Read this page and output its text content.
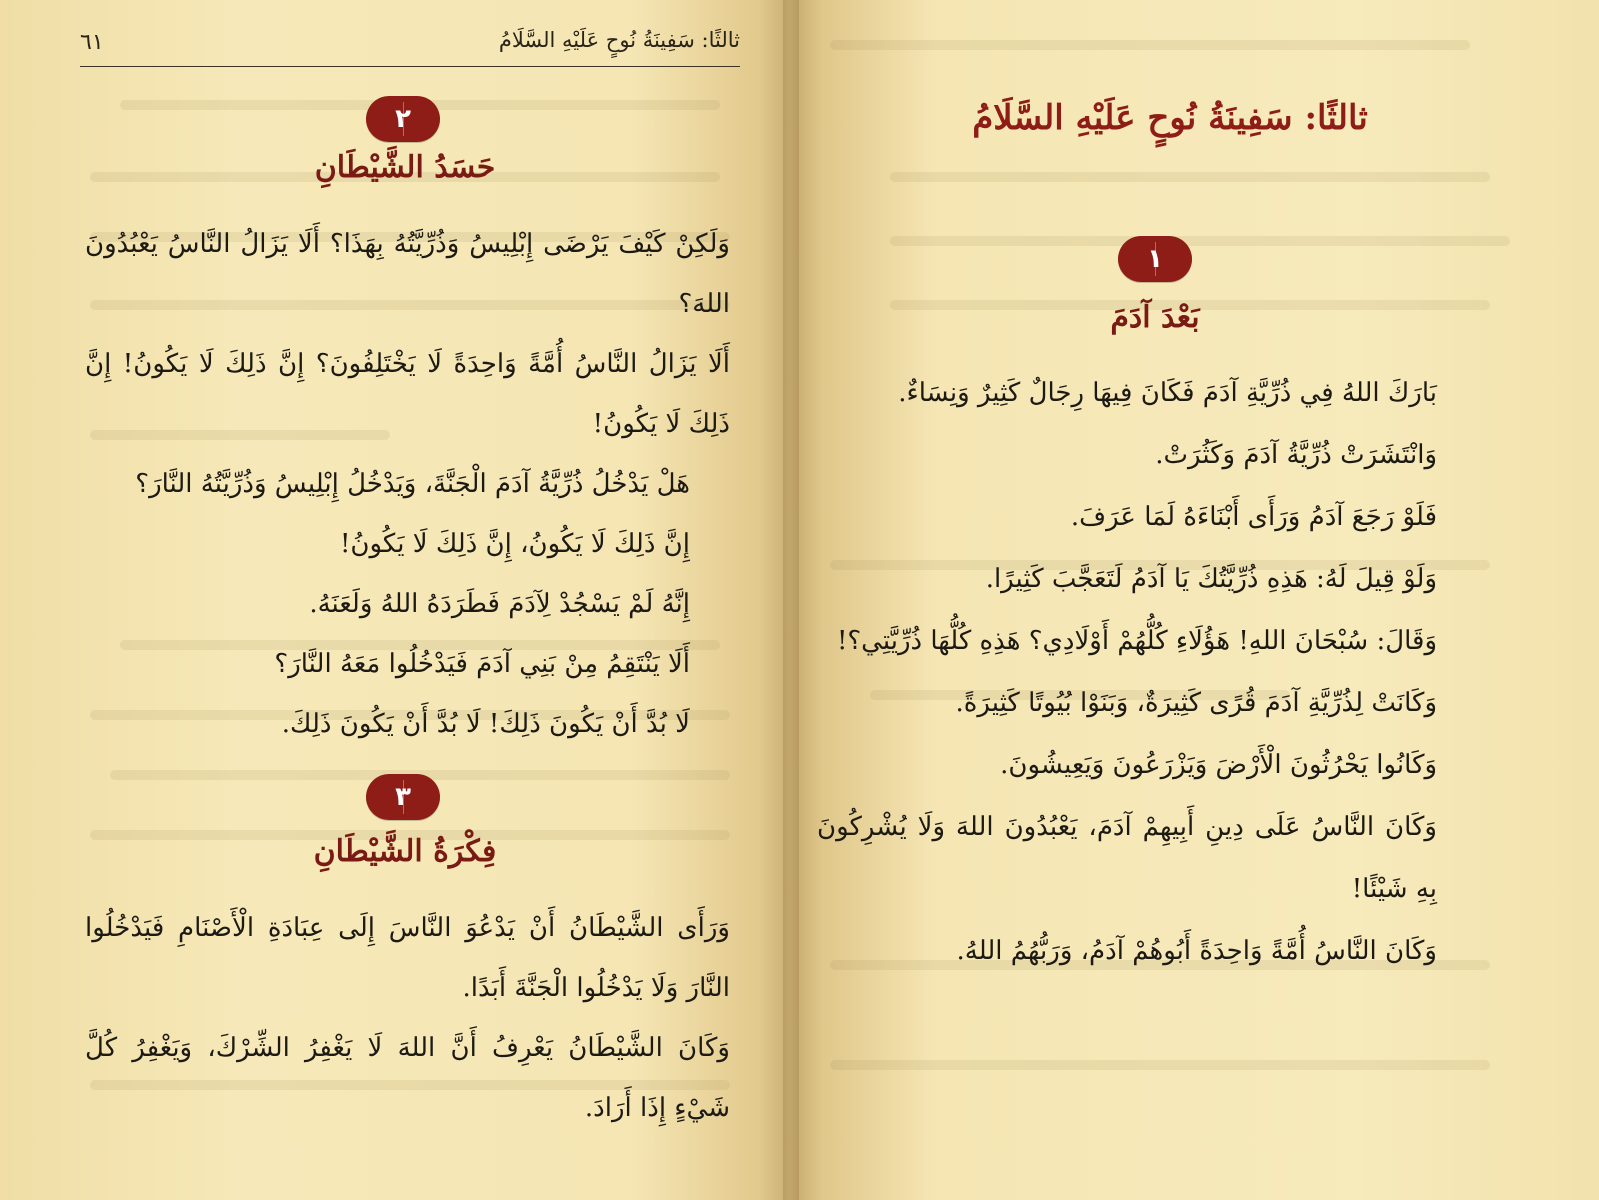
ثالثًا: سَفِينَةُ نُوحٍ عَلَيْهِ السَّلَامُ
٦١
٢
حَسَدُ الشَّيْطَانِ

وَلَكِنْ كَيْفَ يَرْضَى إِبْلِيسُ وَذُرِّيَّتُهُ بِهَذَا؟ أَلَا يَزَالُ النَّاسُ يَعْبُدُونَ اللهَ؟

أَلَا يَزَالُ النَّاسُ أُمَّةً وَاحِدَةً لَا يَخْتَلِفُونَ؟ إِنَّ ذَلِكَ لَا يَكُونُ! إِنَّ ذَلِكَ لَا يَكُونُ!

هَلْ يَدْخُلُ ذُرِّيَّةُ آدَمَ الْجَنَّةَ، وَيَدْخُلُ إِبْلِيسُ وَذُرِّيَّتُهُ النَّارَ؟

إِنَّ ذَلِكَ لَا يَكُونُ، إِنَّ ذَلِكَ لَا يَكُونُ!

إِنَّهُ لَمْ يَسْجُدْ لِآدَمَ فَطَرَدَهُ اللهُ وَلَعَنَهُ.

أَلَا يَنْتَقِمُ مِنْ بَنِي آدَمَ فَيَدْخُلُوا مَعَهُ النَّارَ؟

لَا بُدَّ أَنْ يَكُونَ ذَلِكَ! لَا بُدَّ أَنْ يَكُونَ ذَلِكَ.

٣
فِكْرَةُ الشَّيْطَانِ

وَرَأَى الشَّيْطَانُ أَنْ يَدْعُوَ النَّاسَ إِلَى عِبَادَةِ الْأَصْنَامِ فَيَدْخُلُوا النَّارَ وَلَا يَدْخُلُوا الْجَنَّةَ أَبَدًا.

وَكَانَ الشَّيْطَانُ يَعْرِفُ أَنَّ اللهَ لَا يَغْفِرُ الشِّرْكَ، وَيَغْفِرُ كُلَّ شَيْءٍ إِذَا أَرَادَ.

ثالثًا: سَفِينَةُ نُوحٍ عَلَيْهِ السَّلَامُ
١
بَعْدَ آدَمَ

بَارَكَ اللهُ فِي ذُرِّيَّةِ آدَمَ فَكَانَ فِيهَا رِجَالٌ كَثِيرٌ وَنِسَاءٌ.

وَانْتَشَرَتْ ذُرِّيَّةُ آدَمَ وَكَثُرَتْ.

فَلَوْ رَجَعَ آدَمُ وَرَأَى أَبْنَاءَهُ لَمَا عَرَفَ.

وَلَوْ قِيلَ لَهُ: هَذِهِ ذُرِّيَّتُكَ يَا آدَمُ لَتَعَجَّبَ كَثِيرًا.

وَقَالَ: سُبْحَانَ اللهِ! هَؤُلَاءِ كُلُّهُمْ أَوْلَادِي؟ هَذِهِ كُلُّهَا ذُرِّيَّتِي؟!

وَكَانَتْ لِذُرِّيَّةِ آدَمَ قُرًى كَثِيرَةٌ، وَبَنَوْا بُيُوتًا كَثِيرَةً.

وَكَانُوا يَحْرُثُونَ الْأَرْضَ وَيَزْرَعُونَ وَيَعِيشُونَ.

وَكَانَ النَّاسُ عَلَى دِينِ أَبِيهِمْ آدَمَ، يَعْبُدُونَ اللهَ وَلَا يُشْرِكُونَ بِهِ شَيْئًا!

وَكَانَ النَّاسُ أُمَّةً وَاحِدَةً أَبُوهُمْ آدَمُ، وَرَبُّهُمُ اللهُ.
